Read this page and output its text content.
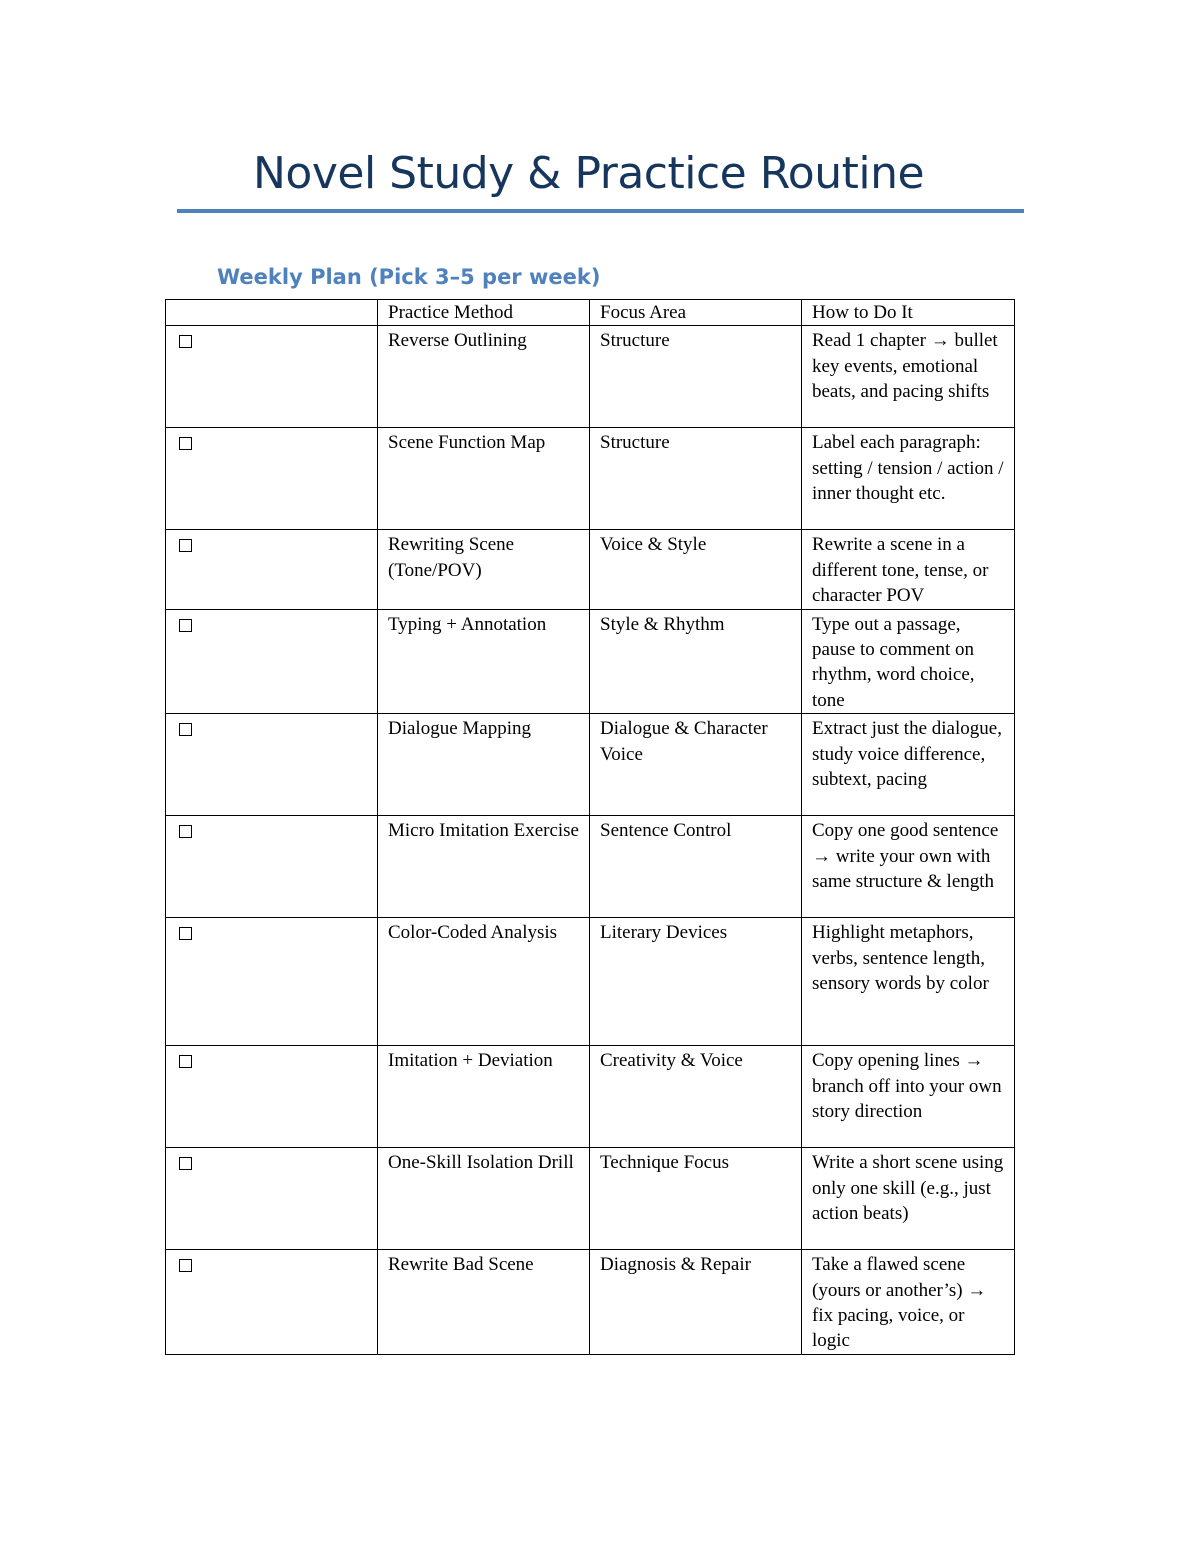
Novel Study & Practice Routine
Weekly Plan (Pick 3–5 per week)
	Practice Method	Focus Area	How to Do It
	Reverse Outlining	Structure	Read 1 chapter → bullet key events, emotional beats, and pacing shifts
	Scene Function Map	Structure	Label each paragraph: setting / tension / action / inner thought etc.
	Rewriting Scene (Tone/POV)	Voice & Style	Rewrite a scene in a different tone, tense, or character POV
	Typing + Annotation	Style & Rhythm	Type out a passage, pause to comment on rhythm, word choice, tone
	Dialogue Mapping	Dialogue & Character Voice	Extract just the dialogue, study voice difference, subtext, pacing
	Micro Imitation Exercise	Sentence Control	Copy one good sentence → write your own with same structure & length
	Color-Coded Analysis	Literary Devices	Highlight metaphors, verbs, sentence length, sensory words by color
	Imitation + Deviation	Creativity & Voice	Copy opening lines → branch off into your own story direction
	One-Skill Isolation Drill	Technique Focus	Write a short scene using only one skill (e.g., just action beats)
	Rewrite Bad Scene	Diagnosis & Repair	Take a flawed scene (yours or another’s) → fix pacing, voice, or logic
